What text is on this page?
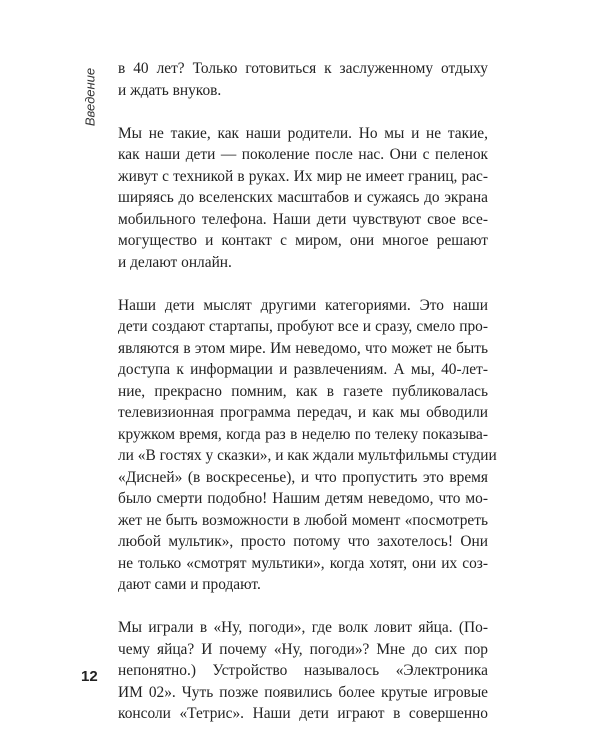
Введение в 40 лет? Только готовиться к заслуженному отдыху
и ждать внуков.
Мы не такие, как наши родители. Но мы и не такие,
как наши дети — поколение после нас. Они с пеленок
живут с техникой в руках. Их мир не имеет границ, рас-
ширяясь до вселенских масштабов и сужаясь до экрана
мобильного телефона. Наши дети чувствуют свое все-
могущество и контакт с миром, они многое решают
и делают онлайн.
Наши дети мыслят другими категориями. Это наши
дети создают стартапы, пробуют все и сразу, смело про-
являются в этом мире. Им неведомо, что может не быть
доступа к информации и развлечениям. А мы, 40-лет-
ние, прекрасно помним, как в газете публиковалась
телевизионная программа передач, и как мы обводили
кружком время, когда раз в неделю по телеку показыва-
ли «В гостях у сказки», и как ждали мультфильмы студии
«Дисней» (в воскресенье), и что пропустить это время
было смерти подобно! Нашим детям неведомо, что мо-
жет не быть возможности в любой момент «посмотреть
любой мультик», просто потому что захотелось! Они
не только «смотрят мультики», когда хотят, они их соз-
дают сами и продают.
Мы играли в «Ну, погоди», где волк ловит яйца. (По-
чему яйца? И почему «Ну, погоди»? Мне до сих пор
непонятно.) Устройство называлось «Электроника
ИМ 02». Чуть позже появились более крутые игровые
консоли «Тетрис». Наши дети играют в совершенно
12
